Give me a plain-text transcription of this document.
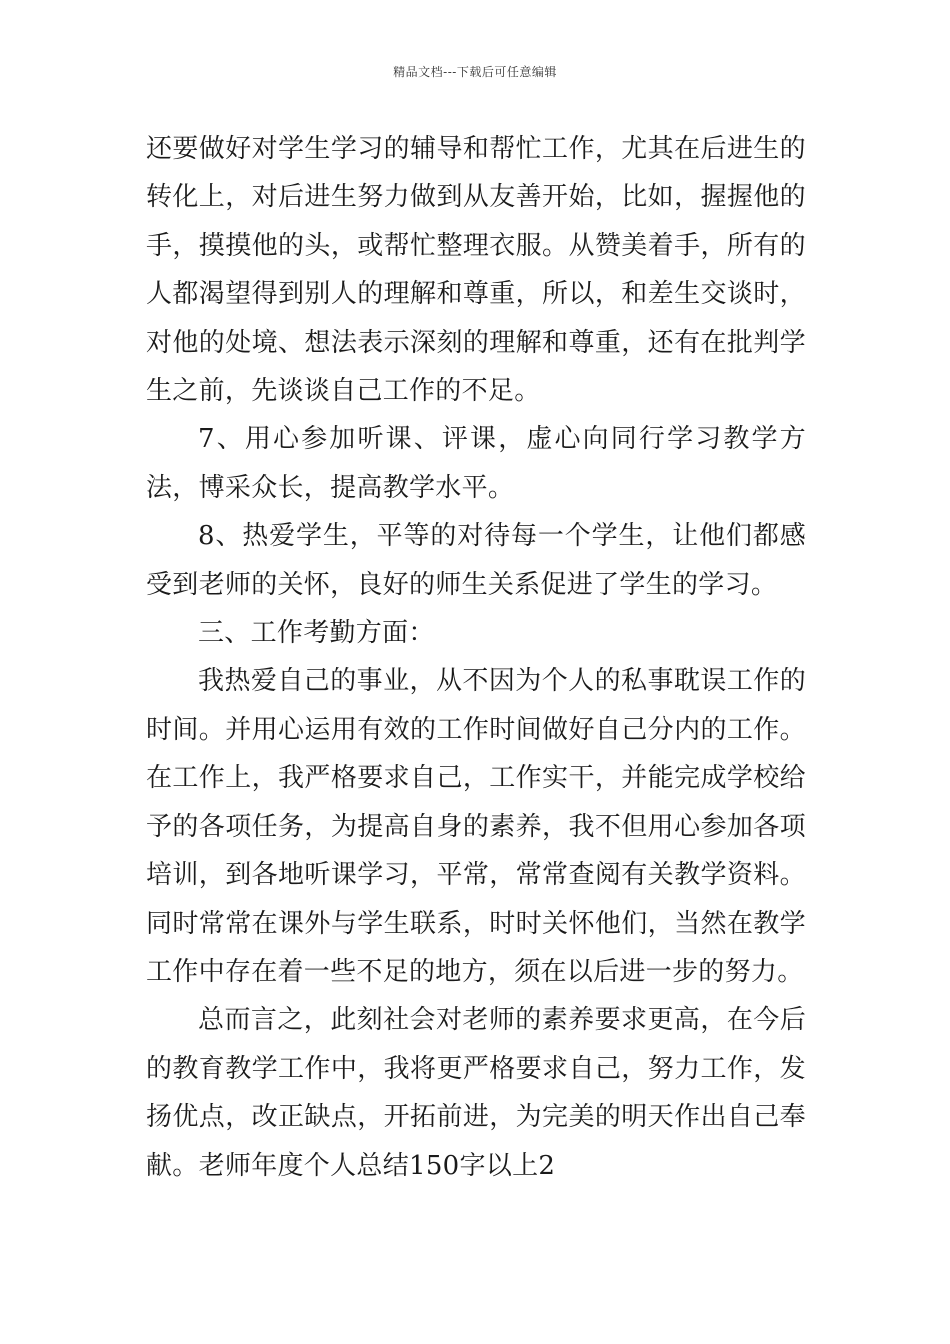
精品文档---下载后可任意编辑

还要做好对学生学习的辅导和帮忙工作，尤其在后进生的转化上，对后进生努力做到从友善开始，比如，握握他的手，摸摸他的头，或帮忙整理衣服。从赞美着手，所有的人都渴望得到别人的理解和尊重，所以，和差生交谈时，对他的处境、想法表示深刻的理解和尊重，还有在批判学生之前，先谈谈自己工作的不足。

7、用心参加听课、评课，虚心向同行学习教学方法，博采众长，提高教学水平。

8、热爱学生，平等的对待每一个学生，让他们都感受到老师的关怀，良好的师生关系促进了学生的学习。

三、工作考勤方面：

我热爱自己的事业，从不因为个人的私事耽误工作的时间。并用心运用有效的工作时间做好自己分内的工作。在工作上，我严格要求自己，工作实干，并能完成学校给予的各项任务，为提高自身的素养，我不但用心参加各项培训，到各地听课学习，平常，常常查阅有关教学资料。同时常常在课外与学生联系，时时关怀他们，当然在教学工作中存在着一些不足的地方，须在以后进一步的努力。

总而言之，此刻社会对老师的素养要求更高，在今后的教育教学工作中，我将更严格要求自己，努力工作，发扬优点，改正缺点，开拓前进，为完美的明天作出自己奉献。老师年度个人总结150字以上2
